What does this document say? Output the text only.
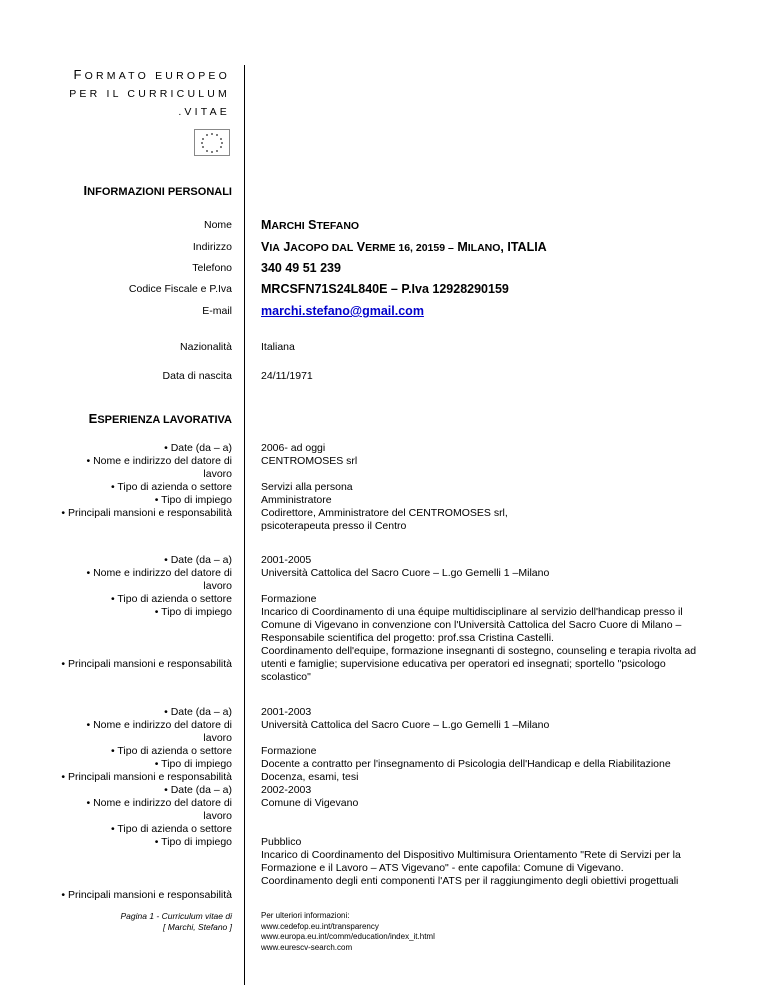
FORMATO EUROPEO
PER IL CURRICULUM
.VITAE
INFORMAZIONI PERSONALI
Nome MARCHI STEFANO
Indirizzo VIA JACOPO DAL VERME 16, 20159 – MILANO, ITALIA
Telefono 340 49 51 239
Codice Fiscale e P.Iva MRCSFN71S24L840E – P.Iva 12928290159
E-mail marchi.stefano@gmail.com
Nazionalità	Italiana
Data di nascita	24/11/1971
ESPERIENZA LAVORATIVA
• Date (da – a)
• Nome e indirizzo del datore di
lavoro
• Tipo di azienda o settore
• Tipo di impiego
• Principali mansioni e responsabilità
2006- ad oggi
CENTROMOSES srl
Servizi alla persona
Amministratore
Codirettore, Amministratore del CENTROMOSES srl,
psicoterapeuta presso il Centro
• Date (da – a)
• Nome e indirizzo del datore di
lavoro
• Tipo di azienda o settore
• Tipo di impiego
• Principali mansioni e responsabilità
2001-2005
Università Cattolica del Sacro Cuore – L.go Gemelli 1 –Milano
Formazione
Incarico di Coordinamento di una équipe multidisciplinare al servizio dell'handicap presso il
Comune di Vigevano in convenzione con l'Università Cattolica del Sacro Cuore di Milano –
Responsabile scientifica del progetto: prof.ssa Cristina Castelli.
Coordinamento dell'equipe, formazione insegnanti di sostegno, counseling e terapia rivolta ad
utenti e famiglie; supervisione educativa per operatori ed insegnati; sportello "psicologo
scolastico"
• Date (da – a)
• Nome e indirizzo del datore di
lavoro
• Tipo di azienda o settore
• Tipo di impiego
• Principali mansioni e responsabilità
2001-2003
Università Cattolica del Sacro Cuore – L.go Gemelli 1 –Milano
Formazione
Docente a contratto per l'insegnamento di Psicologia dell'Handicap e della Riabilitazione
Docenza, esami, tesi
• Date (da – a)
• Nome e indirizzo del datore di
lavoro
• Tipo di azienda o settore
• Tipo di impiego
• Principali mansioni e responsabilità
2002-2003
Comune di Vigevano
Pubblico
Incarico di Coordinamento del Dispositivo Multimisura Orientamento "Rete di Servizi per la
Formazione e il Lavoro – ATS Vigevano" - ente capofila: Comune di Vigevano.
Coordinamento degli enti componenti l'ATS per il raggiungimento degli obiettivi progettuali
Pagina 1 - Curriculum vitae di
[ Marchi, Stefano ]
Per ulteriori informazioni:
www.cedefop.eu.int/transparency
www.europa.eu.int/comm/education/index_it.html
www.eurescv-search.com
